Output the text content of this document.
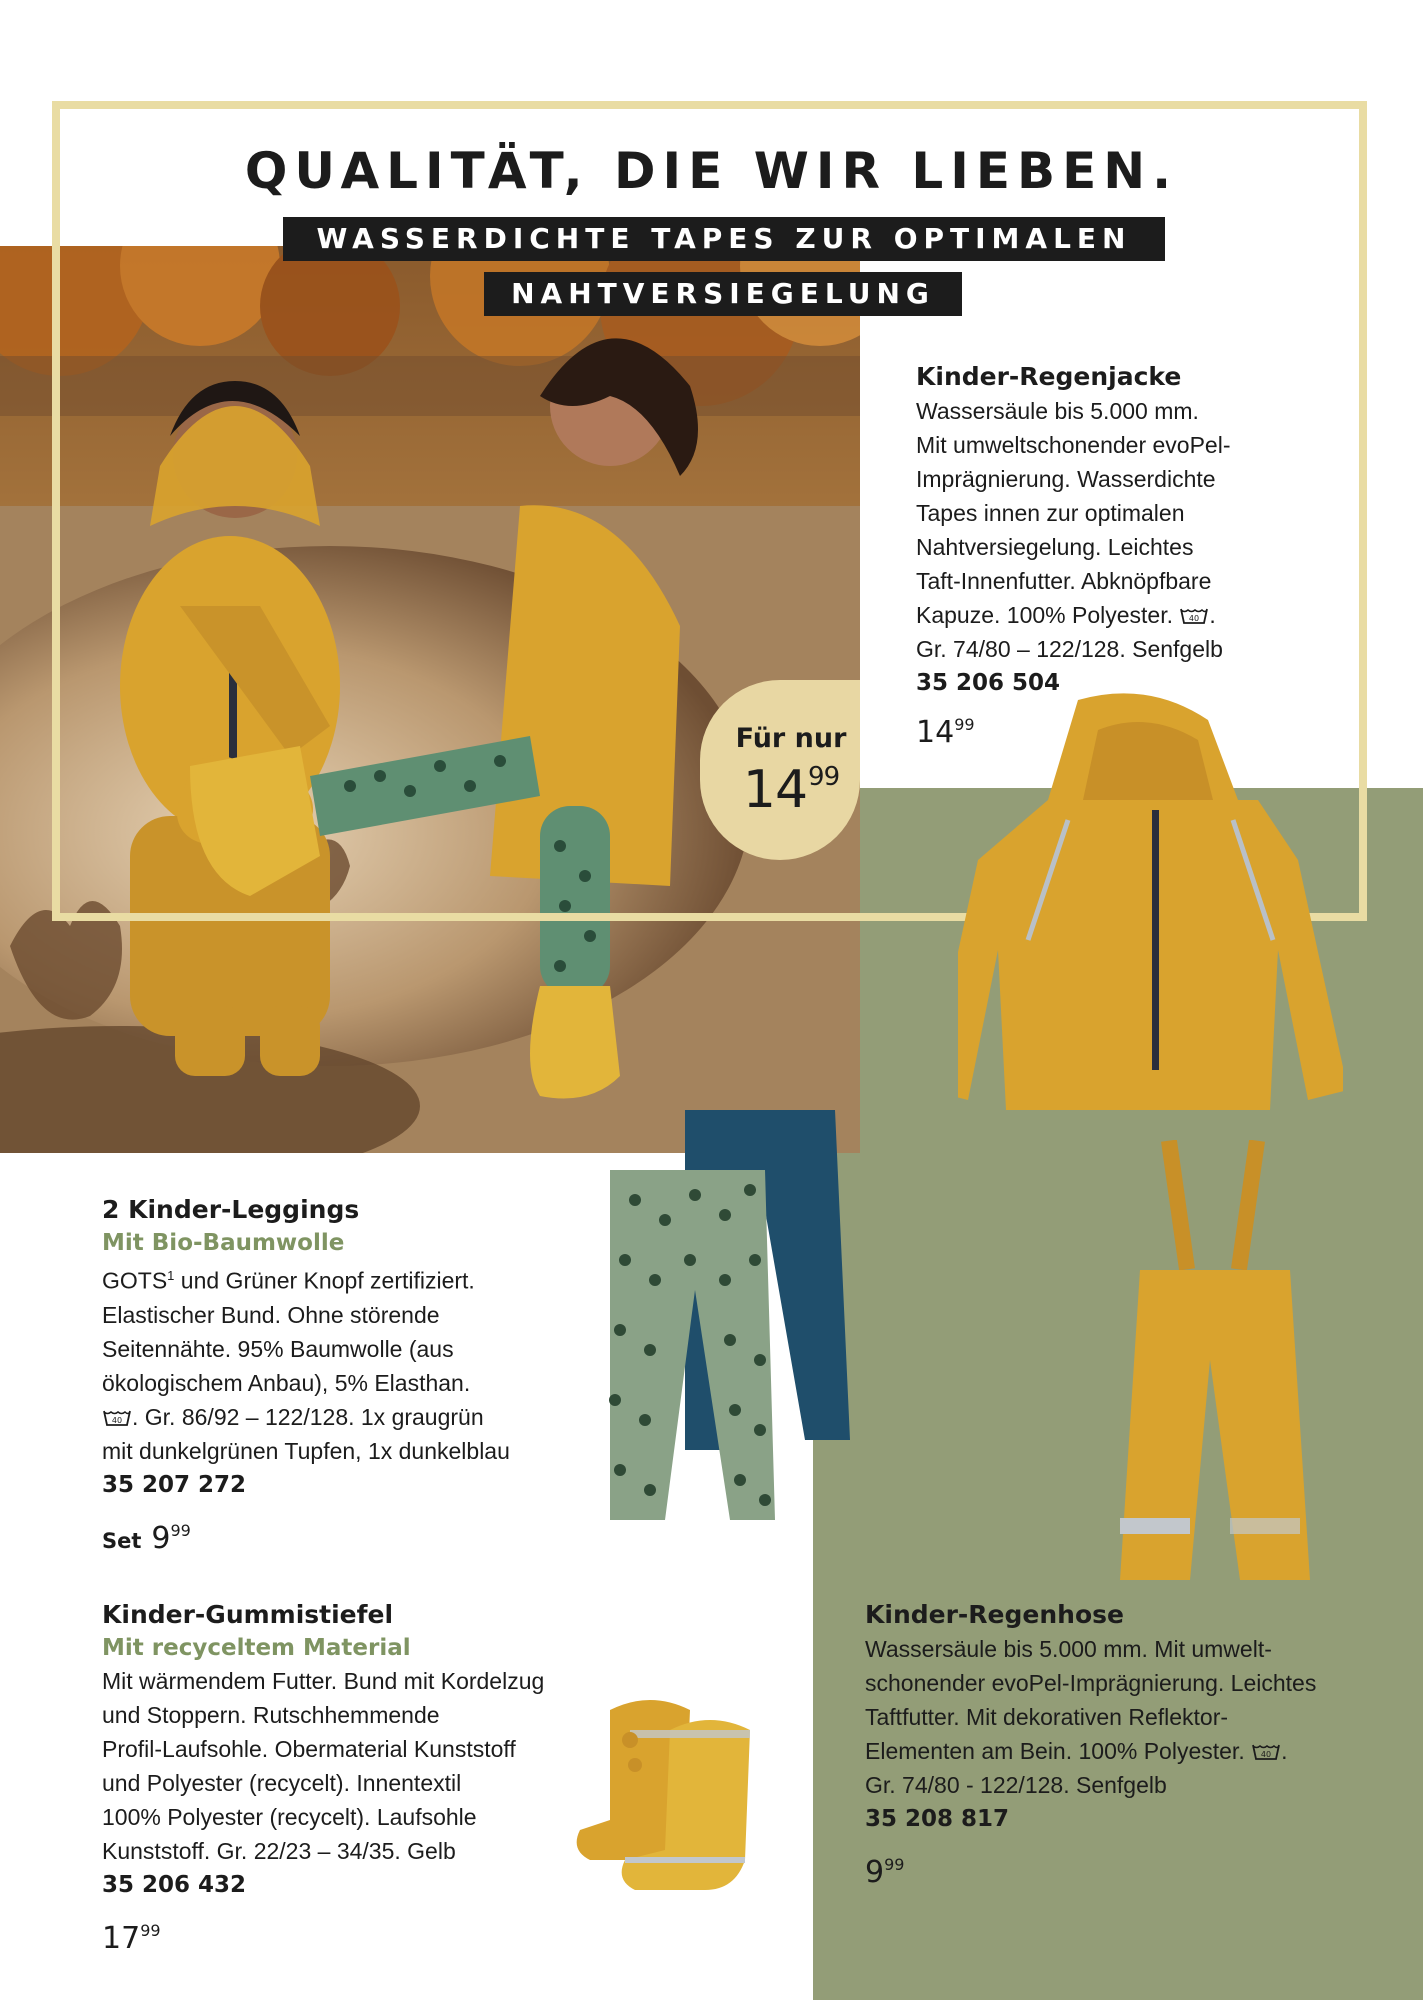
QUALITÄT, DIE WIR LIEBEN.
WASSERDICHTE TAPES ZUR OPTIMALEN
NAHTVERSIEGELUNG
Für nur
$14^{99}$
Kinder-Regenjacke
Wassersäule bis 5.000 mm.
Mit umweltschonender evoPel-
Imprägnierung. Wasserdichte
Tapes innen zur optimalen
Nahtversiegelung. Leichtes
Taft-Innenfutter. Abknöpfbare
Kapuze. 100% Polyester. 40 .
Gr. 74/80 – 122/128. Senfgelb
35 206 504
$14^{99}$
2 Kinder-Leggings
Mit Bio-Baumwolle
GOTS$^1$ und Grüner Knopf zertifiziert.
Elastischer Bund. Ohne störende
Seitennähte. 95% Baumwolle (aus
ökologischem Anbau), 5% Elasthan.
40 . Gr. 86/92 – 122/128. 1x graugrün
mit dunkelgrünen Tupfen, 1x dunkelblau
35 207 272
Set $9^{99}$
Kinder-Gummistiefel
Mit recyceltem Material
Mit wärmendem Futter. Bund mit Kordelzug
und Stoppern. Rutschhemmende
Profil-Laufsohle. Obermaterial Kunststoff
und Polyester (recycelt). Innentextil
100% Polyester (recycelt). Laufsohle
Kunststoff. Gr. 22/23 – 34/35. Gelb
35 206 432
$17^{99}$
Kinder-Regenhose
Wassersäule bis 5.000 mm. Mit umwelt-
schonender evoPel-Imprägnierung. Leichtes
Taftfutter. Mit dekorativen Reflektor-
Elementen am Bein. 100% Polyester. 40 .
Gr. 74/80 - 122/128. Senfgelb
35 208 817
$9^{99}$
